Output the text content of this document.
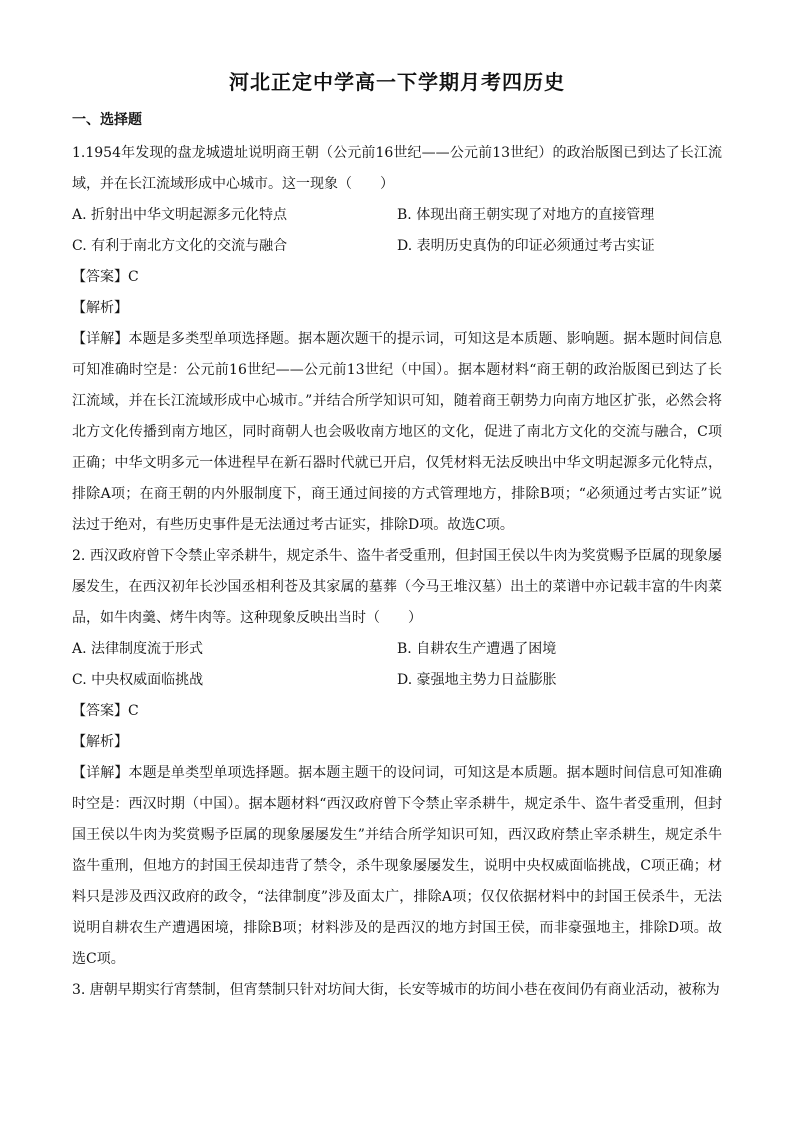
河北正定中学高一下学期月考四历史
一、选择题

1.1954年发现的盘龙城遗址说明商王朝（公元前16世纪——公元前13世纪）的政治版图已到达了长江流域，并在长江流域形成中心城市。这一现象（　　）

A. 折射出中华文明起源多元化特点	B. 体现出商王朝实现了对地方的直接管理
C. 有利于南北方文化的交流与融合	D. 表明历史真伪的印证必须通过考古实证
【答案】C
【解析】

【详解】本题是多类型单项选择题。据本题次题干的提示词，可知这是本质题、影响题。据本题时间信息可知准确时空是：公元前16世纪——公元前13世纪（中国）。据本题材料“商王朝的政治版图已到达了长江流域，并在长江流域形成中心城市。”并结合所学知识可知，随着商王朝势力向南方地区扩张，必然会将北方文化传播到南方地区，同时商朝人也会吸收南方地区的文化，促进了南北方文化的交流与融合，C项正确；中华文明多元一体进程早在新石器时代就已开启，仅凭材料无法反映出中华文明起源多元化特点，排除A项；在商王朝的内外服制度下，商王通过间接的方式管理地方，排除B项；“必须通过考古实证”说法过于绝对，有些历史事件是无法通过考古证实，排除D项。故选C项。

2. 西汉政府曾下令禁止宰杀耕牛，规定杀牛、盗牛者受重刑，但封国王侯以牛肉为奖赏赐予臣属的现象屡屡发生，在西汉初年长沙国丞相利苍及其家属的墓葬（今马王堆汉墓）出土的菜谱中亦记载丰富的牛肉菜品，如牛肉羹、烤牛肉等。这种现象反映出当时（　　）

A. 法律制度流于形式	B. 自耕农生产遭遇了困境
C. 中央权威面临挑战	D. 豪强地主势力日益膨胀
【答案】C
【解析】

【详解】本题是单类型单项选择题。据本题主题干的设问词，可知这是本质题。据本题时间信息可知准确时空是：西汉时期（中国）。据本题材料“西汉政府曾下令禁止宰杀耕牛，规定杀牛、盗牛者受重刑，但封国王侯以牛肉为奖赏赐予臣属的现象屡屡发生”并结合所学知识可知，西汉政府禁止宰杀耕生，规定杀牛盗牛重刑，但地方的封国王侯却违背了禁令，杀牛现象屡屡发生，说明中央权威面临挑战，C项正确；材料只是涉及西汉政府的政令，“法律制度”涉及面太广，排除A项；仅仅依据材料中的封国王侯杀牛，无法说明自耕农生产遭遇困境，排除B项；材料涉及的是西汉的地方封国王侯，而非豪强地主，排除D项。故选C项。

3. 唐朝早期实行宵禁制，但宵禁制只针对坊间大街，长安等城市的坊间小巷在夜间仍有商业活动，被称为
